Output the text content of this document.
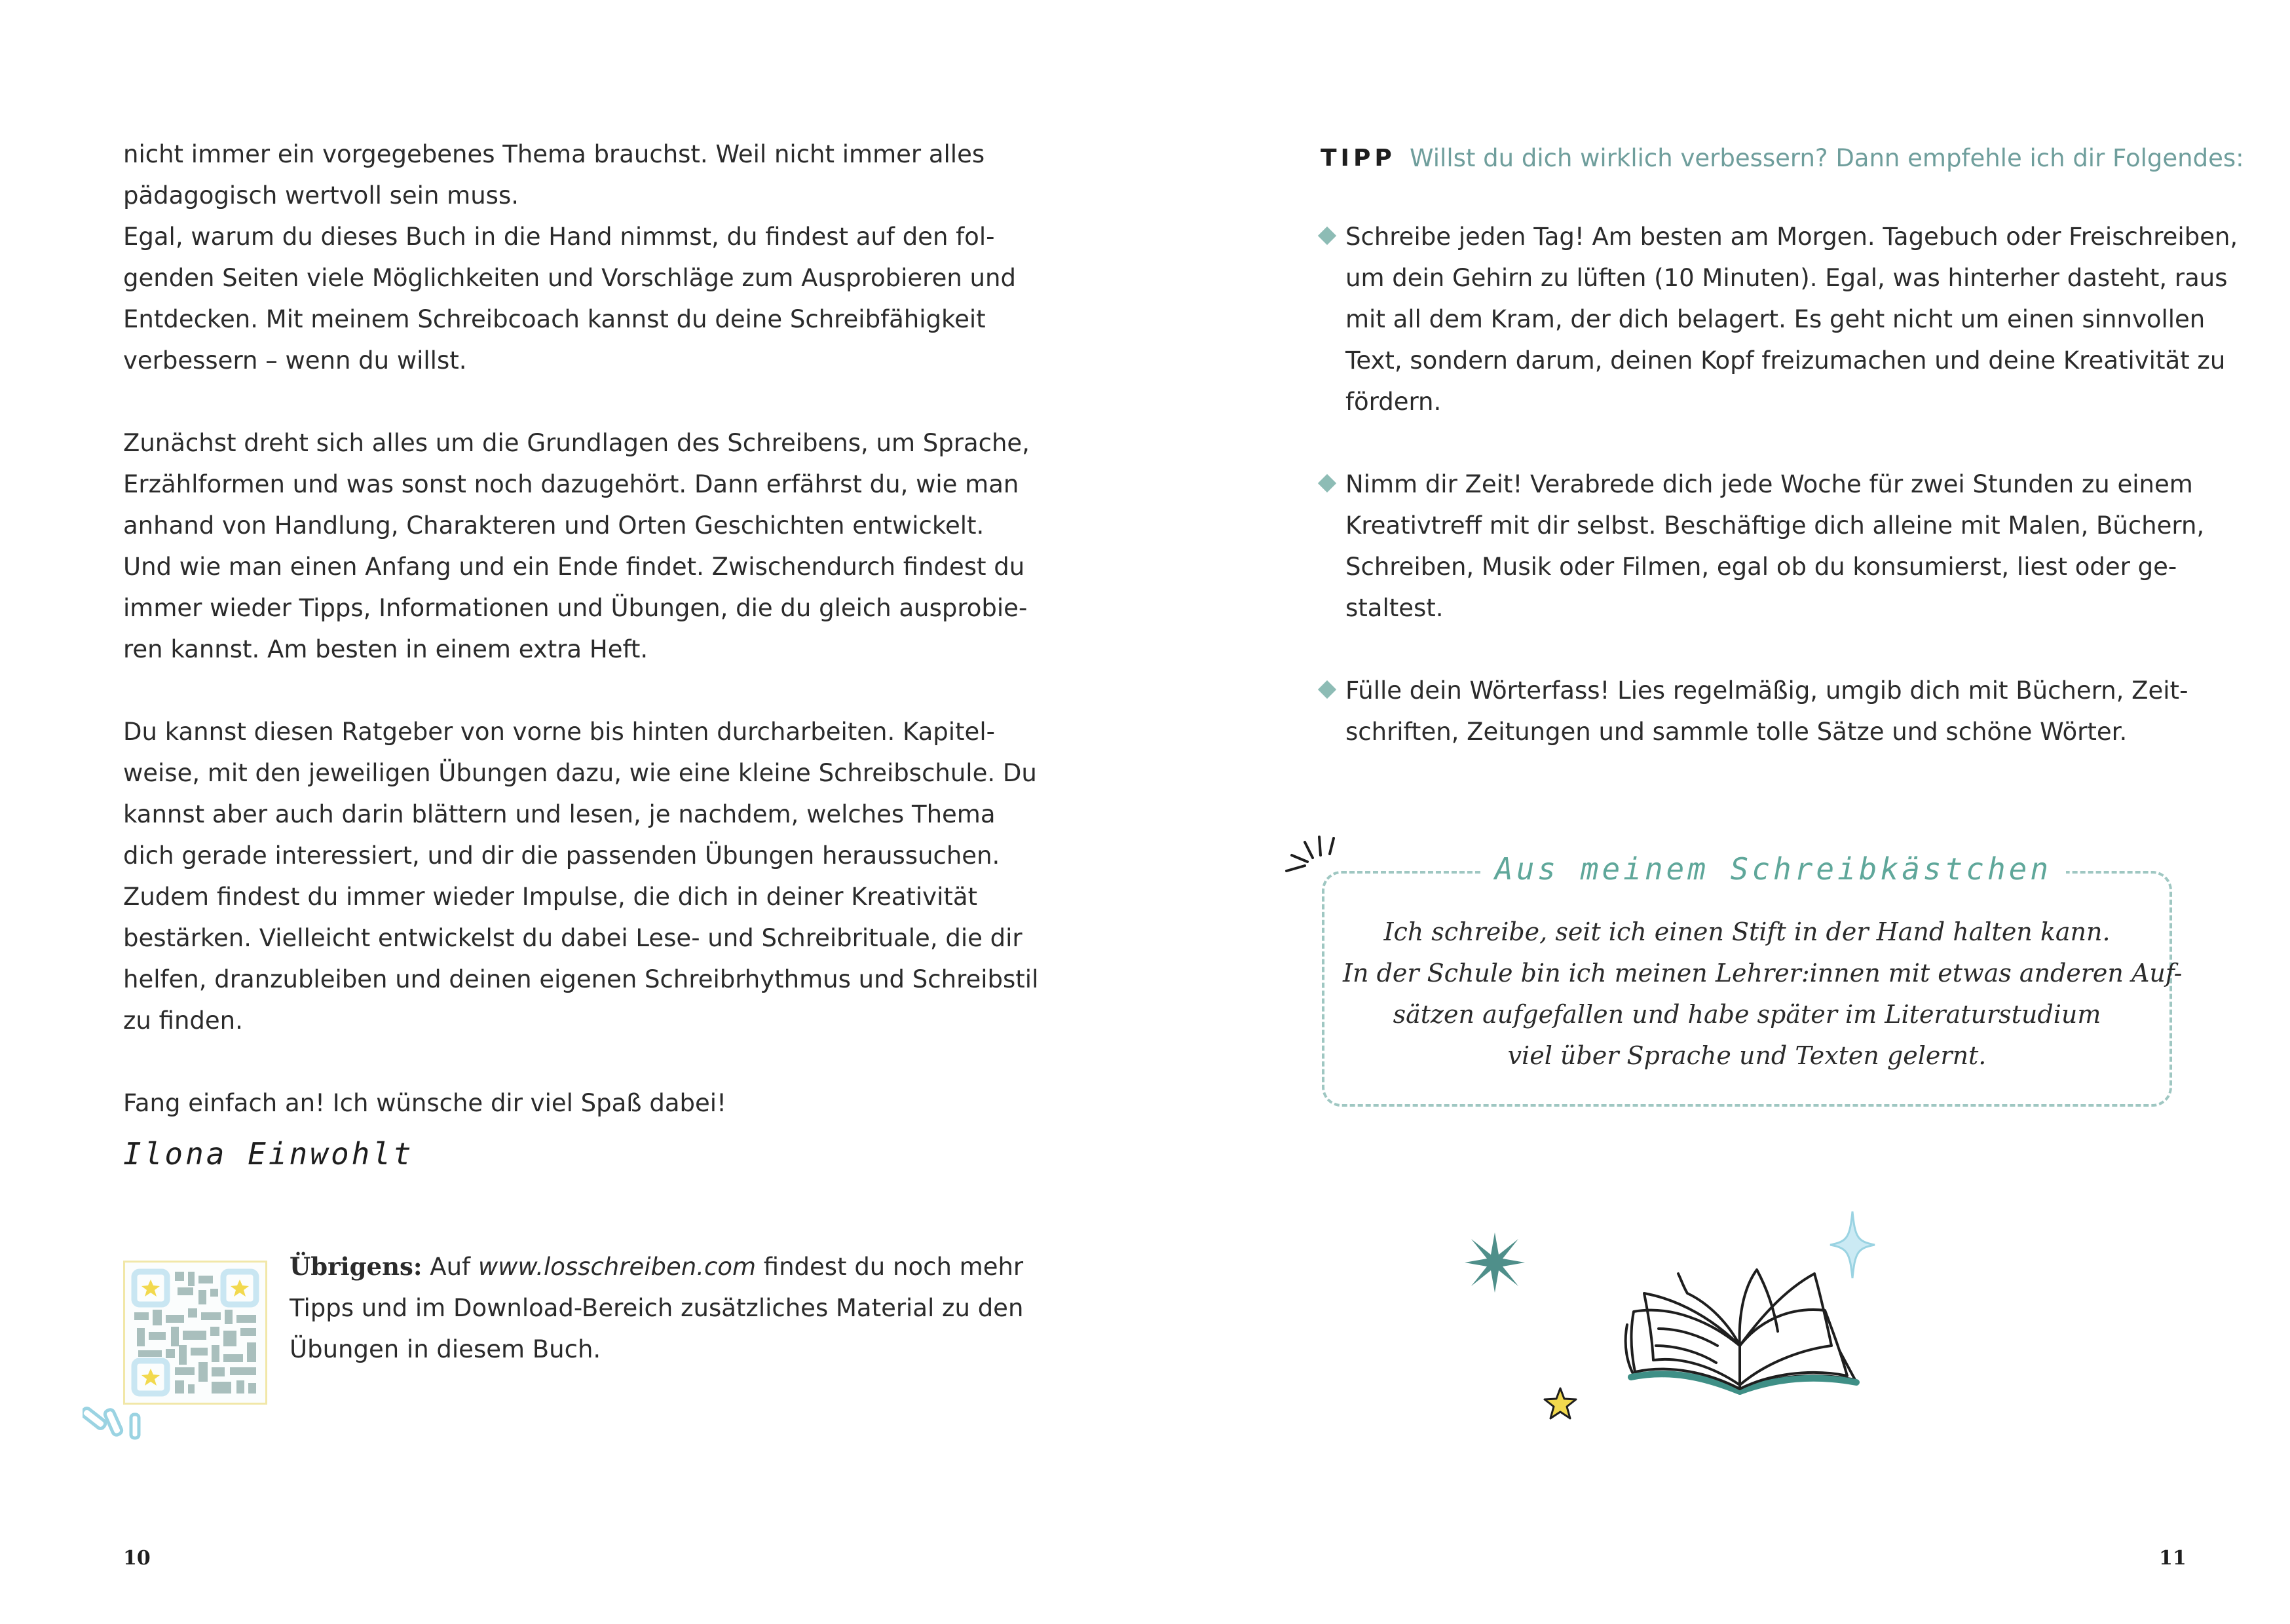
nicht immer ein vorgegebenes Thema brauchst. Weil nicht immer alles
pädagogisch wertvoll sein muss.
Egal, warum du dieses Buch in die Hand nimmst, du findest auf den fol-
genden Seiten viele Möglichkeiten und Vorschläge zum Ausprobieren und
Entdecken. Mit meinem Schreibcoach kannst du deine Schreibfähigkeit
verbessern – wenn du willst.

Zunächst dreht sich alles um die Grundlagen des Schreibens, um Sprache,
Erzählformen und was sonst noch dazugehört. Dann erfährst du, wie man
anhand von Handlung, Charakteren und Orten Geschichten entwickelt.
Und wie man einen Anfang und ein Ende findet. Zwischendurch findest du
immer wieder Tipps, Informationen und Übungen, die du gleich ausprobie-
ren kannst. Am besten in einem extra Heft.

Du kannst diesen Ratgeber von vorne bis hinten durcharbeiten. Kapitel-
weise, mit den jeweiligen Übungen dazu, wie eine kleine Schreibschule. Du
kannst aber auch darin blättern und lesen, je nachdem, welches Thema
dich gerade interessiert, und dir die passenden Übungen heraussuchen.
Zudem findest du immer wieder Impulse, die dich in deiner Kreativität
bestärken. Vielleicht entwickelst du dabei Lese- und Schreibrituale, die dir
helfen, dranzubleiben und deinen eigenen Schreibrhythmus und Schreibstil
zu finden.

Fang einfach an! Ich wünsche dir viel Spaß dabei!

Ilona Einwohlt
Übrigens: Auf www.losschreiben.com findest du noch mehr
Tipps und im Download-Bereich zusätzliches Material zu den
Übungen in diesem Buch.
10
TIPP Willst du dich wirklich verbessern? Dann empfehle ich dir Folgendes:
Schreibe jeden Tag! Am besten am Morgen. Tagebuch oder Freischreiben,
um dein Gehirn zu lüften (10 Minuten). Egal, was hinterher dasteht, raus
mit all dem Kram, der dich belagert. Es geht nicht um einen sinnvollen
Text, sondern darum, deinen Kopf freizumachen und deine Kreativität zu
fördern.
Nimm dir Zeit! Verabrede dich jede Woche für zwei Stunden zu einem
Kreativtreff mit dir selbst. Beschäftige dich alleine mit Malen, Büchern,
Schreiben, Musik oder Filmen, egal ob du konsumierst, liest oder ge-
staltest.
Fülle dein Wörterfass! Lies regelmäßig, umgib dich mit Büchern, Zeit-
schriften, Zeitungen und sammle tolle Sätze und schöne Wörter.
Aus meinem Schreibkästchen
Ich schreibe, seit ich einen Stift in der Hand halten kann.
In der Schule bin ich meinen Lehrer:innen mit etwas anderen Auf-
sätzen aufgefallen und habe später im Literaturstudium
viel über Sprache und Texten gelernt.
11
